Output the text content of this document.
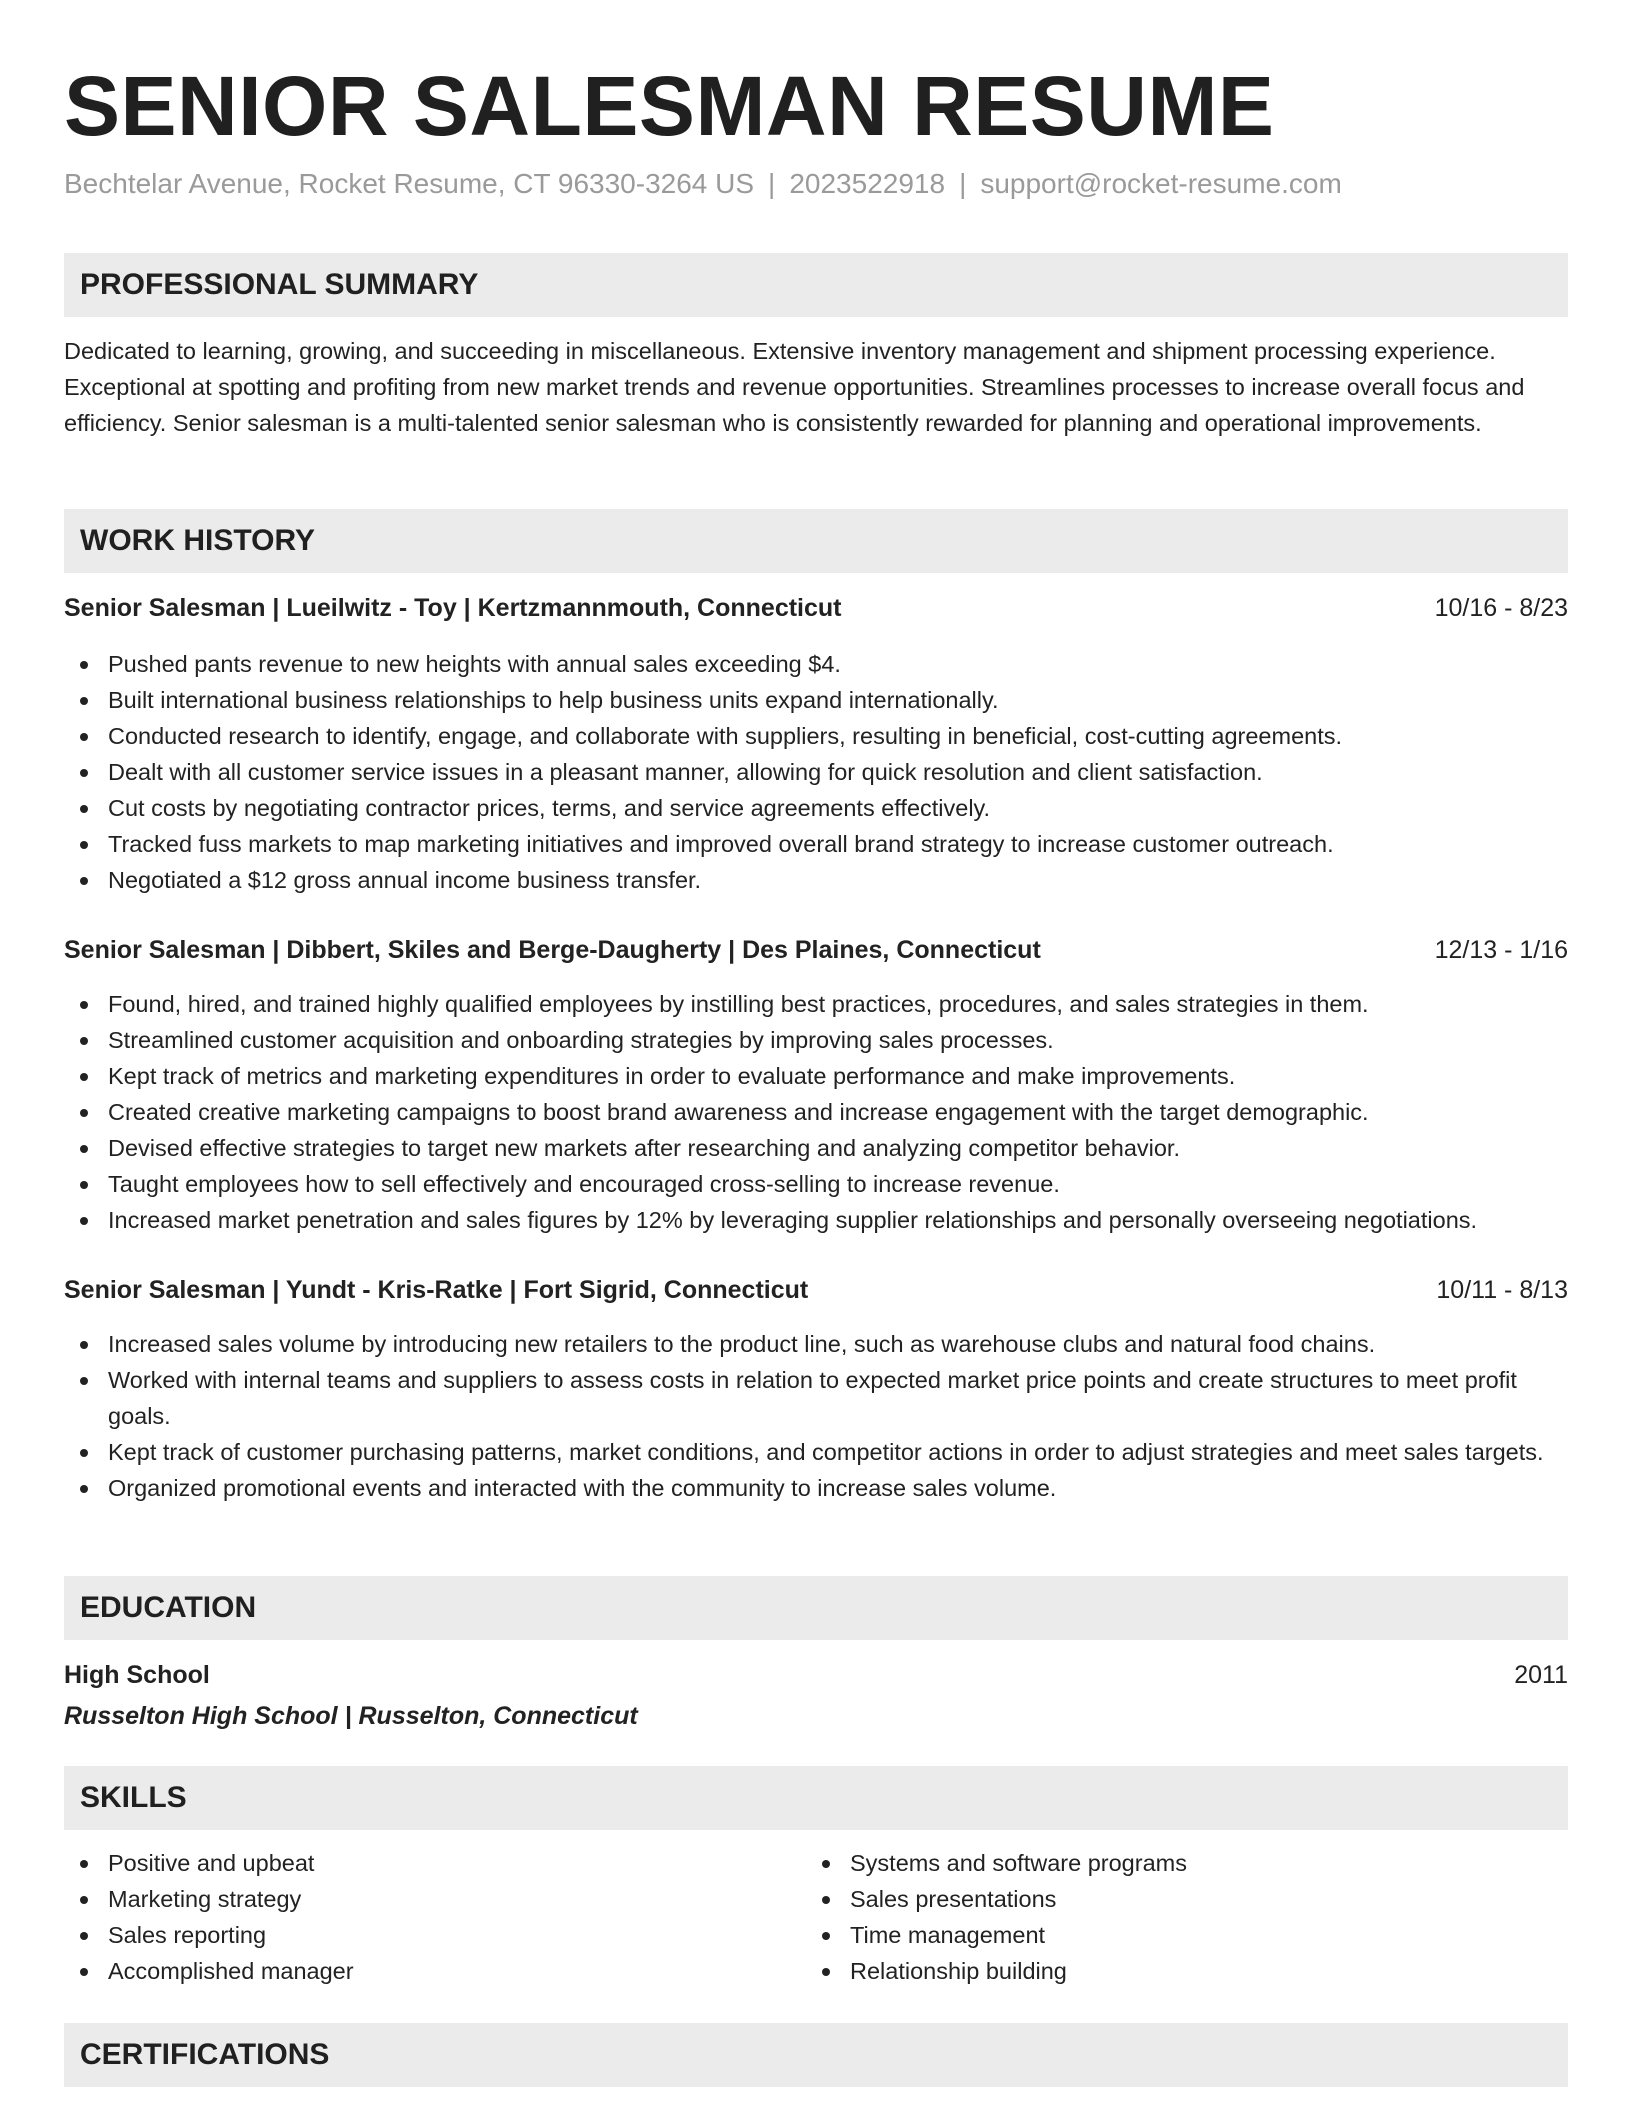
SENIOR SALESMAN RESUME
Bechtelar Avenue, Rocket Resume, CT 96330-3264 US | 2023522918 | support@rocket-resume.com
PROFESSIONAL SUMMARY
Dedicated to learning, growing, and succeeding in miscellaneous. Extensive inventory management and shipment processing experience. Exceptional at spotting and profiting from new market trends and revenue opportunities. Streamlines processes to increase overall focus and efficiency. Senior salesman is a multi-talented senior salesman who is consistently rewarded for planning and operational improvements.
WORK HISTORY
Senior Salesman | Lueilwitz - Toy | Kertzmannmouth, Connecticut	10/16 - 8/23
Pushed pants revenue to new heights with annual sales exceeding $4.
Built international business relationships to help business units expand internationally.
Conducted research to identify, engage, and collaborate with suppliers, resulting in beneficial, cost-cutting agreements.
Dealt with all customer service issues in a pleasant manner, allowing for quick resolution and client satisfaction.
Cut costs by negotiating contractor prices, terms, and service agreements effectively.
Tracked fuss markets to map marketing initiatives and improved overall brand strategy to increase customer outreach.
Negotiated a $12 gross annual income business transfer.
Senior Salesman | Dibbert, Skiles and Berge-Daugherty | Des Plaines, Connecticut	12/13 - 1/16
Found, hired, and trained highly qualified employees by instilling best practices, procedures, and sales strategies in them.
Streamlined customer acquisition and onboarding strategies by improving sales processes.
Kept track of metrics and marketing expenditures in order to evaluate performance and make improvements.
Created creative marketing campaigns to boost brand awareness and increase engagement with the target demographic.
Devised effective strategies to target new markets after researching and analyzing competitor behavior.
Taught employees how to sell effectively and encouraged cross-selling to increase revenue.
Increased market penetration and sales figures by 12% by leveraging supplier relationships and personally overseeing negotiations.
Senior Salesman | Yundt - Kris-Ratke | Fort Sigrid, Connecticut	10/11 - 8/13
Increased sales volume by introducing new retailers to the product line, such as warehouse clubs and natural food chains.
Worked with internal teams and suppliers to assess costs in relation to expected market price points and create structures to meet profit goals.
Kept track of customer purchasing patterns, market conditions, and competitor actions in order to adjust strategies and meet sales targets.
Organized promotional events and interacted with the community to increase sales volume.
EDUCATION
High School	2011
Russelton High School | Russelton, Connecticut
SKILLS
Positive and upbeat
Marketing strategy
Sales reporting
Accomplished manager
Systems and software programs
Sales presentations
Time management
Relationship building
CERTIFICATIONS
